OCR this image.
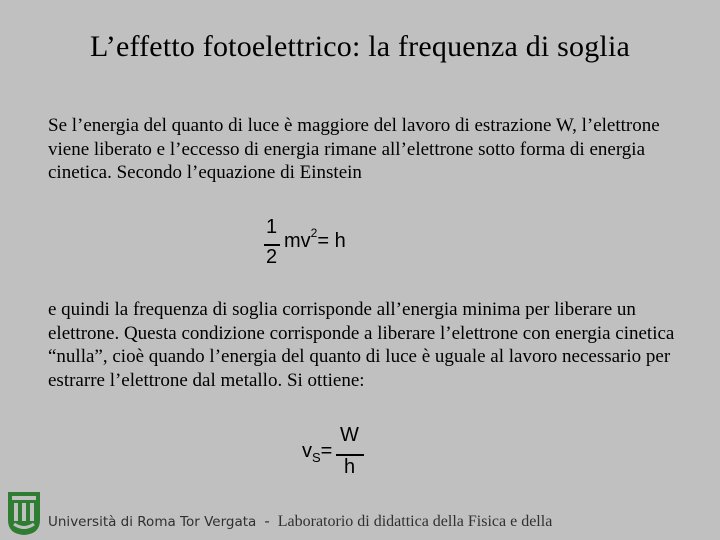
L’effetto fotoelettrico: la frequenza di soglia

Se l’energia del quanto di luce è maggiore del lavoro di estrazione W, l’elettrone viene liberato e l’eccesso di energia rimane all’elettrone sotto forma di energia cinetica. Secondo l’equazione di Einstein

1
2
$mv^2= h$

e quindi la frequenza di soglia corrisponde all’energia minima per liberare un elettrone. Questa condizione corrisponde a liberare l’elettrone con energia cinetica “nulla”, cioè quando l’energia del quanto di luce è uguale al lavoro necessario per estrarre l’elettrone dal metallo. Si ottiene:

$v_S=$
W
h
Università di Roma Tor Vergata - Laboratorio di didattica della Fisica e della
